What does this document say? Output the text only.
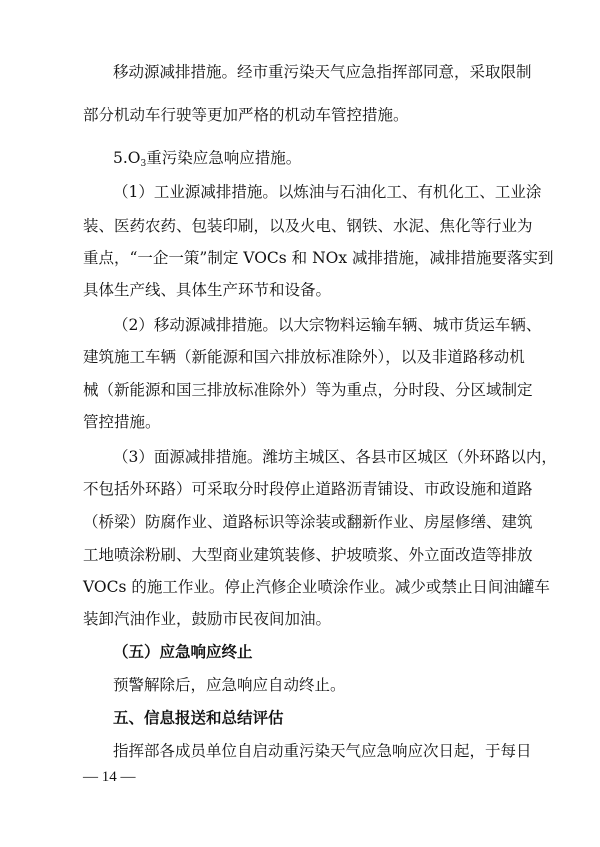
移动源减排措施。经市重污染天气应急指挥部同意，采取限制
部分机动车行驶等更加严格的机动车管控措施。
5.O3重污染应急响应措施。
（1）工业源减排措施。以炼油与石油化工、有机化工、工业涂
装、医药农药、包装印刷，以及火电、钢铁、水泥、焦化等行业为
重点，“一企一策”制定 VOCs 和 NOx 减排措施，减排措施要落实到
具体生产线、具体生产环节和设备。
（2）移动源减排措施。以大宗物料运输车辆、城市货运车辆、
建筑施工车辆（新能源和国六排放标准除外），以及非道路移动机
械（新能源和国三排放标准除外）等为重点，分时段、分区域制定
管控措施。
（3）面源减排措施。潍坊主城区、各县市区城区（外环路以内，
不包括外环路）可采取分时段停止道路沥青铺设、市政设施和道路
（桥梁）防腐作业、道路标识等涂装或翻新作业、房屋修缮、建筑
工地喷涂粉刷、大型商业建筑装修、护坡喷浆、外立面改造等排放
VOCs 的施工作业。停止汽修企业喷涂作业。减少或禁止日间油罐车
装卸汽油作业，鼓励市民夜间加油。
（五）应急响应终止
预警解除后，应急响应自动终止。
五、信息报送和总结评估
指挥部各成员单位自启动重污染天气应急响应次日起，于每日
— 14 —
